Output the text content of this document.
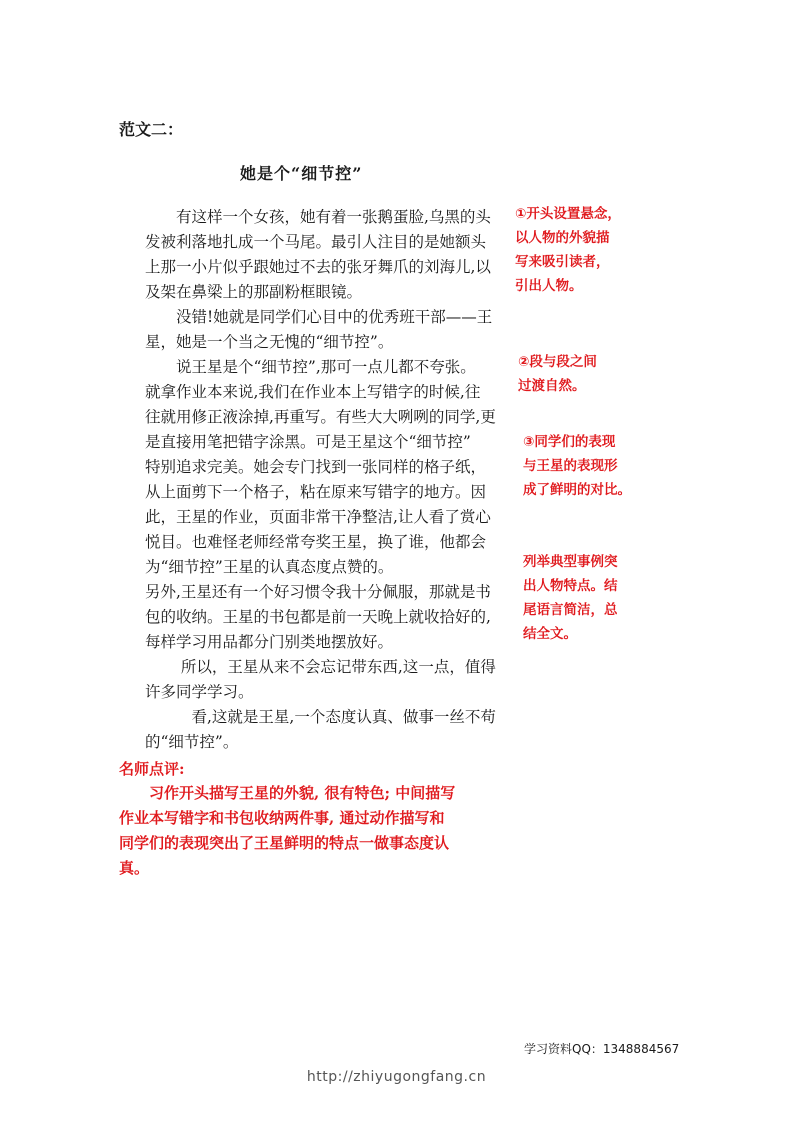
范文二：
她是个“细节控”
　　有这样一个女孩，她有着一张鹅蛋脸,乌黑的头
发被利落地扎成一个马尾。最引人注目的是她额头
上那一小片似乎跟她过不去的张牙舞爪的刘海儿,以
及架在鼻梁上的那副粉框眼镜。
　　没错!她就是同学们心目中的优秀班干部——王
星，她是一个当之无愧的“细节控”。
　　说王星是个“细节控”,那可一点儿都不夸张。
就拿作业本来说,我们在作业本上写错字的时候,往
往就用修正液涂掉,再重写。有些大大咧咧的同学,更
是直接用笔把错字涂黑。可是王星这个“细节控”
特别追求完美。她会专门找到一张同样的格子纸，
从上面剪下一个格子，粘在原来写错字的地方。因
此，王星的作业，页面非常干净整洁,让人看了赏心
悦目。也难怪老师经常夸奖王星，换了谁，他都会
为“细节控”王星的认真态度点赞的。
另外,王星还有一个好习惯令我十分佩服，那就是书
包的收纳。王星的书包都是前一天晚上就收拾好的,
每样学习用品都分门别类地摆放好。
　　 所以，王星从来不会忘记带东西,这一点，值得
许多同学学习。
　　　看,这就是王星,一个态度认真、做事一丝不苟
的“细节控”。
①开头设置悬念，
以人物的外貌描
写来吸引读者，
引出人物。
②段与段之间
过渡自然。
③同学们的表现
与王星的表现形
成了鲜明的对比。
列举典型事例突
出人物特点。结
尾语言简洁，总
结全文。
名师点评:
　　习作开头描写王星的外貌, 很有特色; 中间描写
作业本写错字和书包收纳两件事, 通过动作描写和
同学们的表现突出了王星鲜明的特点一做事态度认
真。
学习资料QQ：1348884567
http://zhiyugongfang.cn
